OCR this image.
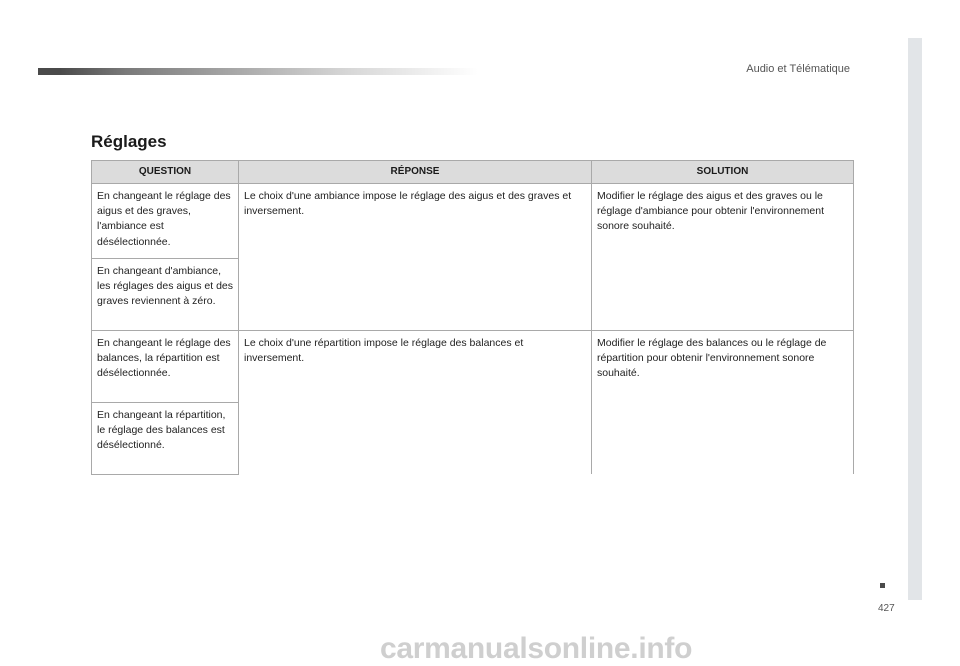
Audio et Télématique
Réglages
QUESTION	RÉPONSE	SOLUTION
En changeant le réglage des aigus et des graves, l'ambiance est désélectionnée.	Le choix d'une ambiance impose le réglage des aigus et des graves et inversement.	Modifier le réglage des aigus et des graves ou le réglage d'ambiance pour obtenir l'environnement sonore souhaité.
En changeant d'ambiance, les réglages des aigus et des graves reviennent à zéro.		
En changeant le réglage des balances, la répartition est désélectionnée.	Le choix d'une répartition impose le réglage des balances et inversement.	Modifier le réglage des balances ou le réglage de répartition pour obtenir l'environnement sonore souhaité.
En changeant la répartition, le réglage des balances est désélectionné.		
427
carmanualsonline.info
